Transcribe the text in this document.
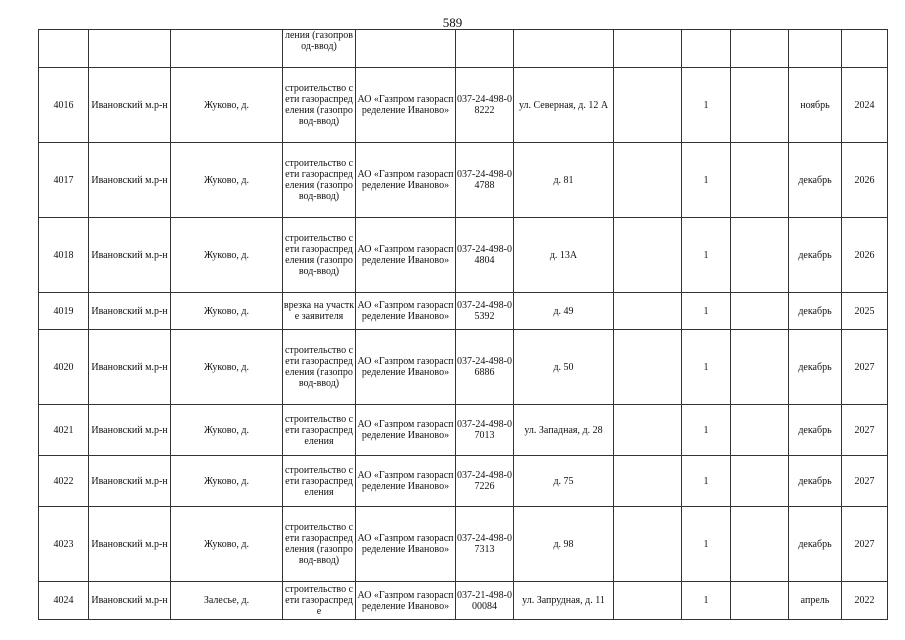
589
			ления (газопровод-ввод)								
4016	Ивановский м.р-н	Жуково, д.	строительство сети газораспределения (газопровод-ввод)	АО «Газпром газораспределение Иваново»	037-24-498-08222	ул. Северная, д. 12 А		1		ноябрь	2024
4017	Ивановский м.р-н	Жуково, д.	строительство сети газораспределения (газопровод-ввод)	АО «Газпром газораспределение Иваново»	037-24-498-04788	д. 81		1		декабрь	2026
4018	Ивановский м.р-н	Жуково, д.	строительство сети газораспределения (газопровод-ввод)	АО «Газпром газораспределение Иваново»	037-24-498-04804	д. 13А		1		декабрь	2026
4019	Ивановский м.р-н	Жуково, д.	врезка на участке заявителя	АО «Газпром газораспределение Иваново»	037-24-498-05392	д. 49		1		декабрь	2025
4020	Ивановский м.р-н	Жуково, д.	строительство сети газораспределения (газопровод-ввод)	АО «Газпром газораспределение Иваново»	037-24-498-06886	д. 50		1		декабрь	2027
4021	Ивановский м.р-н	Жуково, д.	строительство сети газораспределения	АО «Газпром газораспределение Иваново»	037-24-498-07013	ул. Западная, д. 28		1		декабрь	2027
4022	Ивановский м.р-н	Жуково, д.	строительство сети газораспределения	АО «Газпром газораспределение Иваново»	037-24-498-07226	д. 75		1		декабрь	2027
4023	Ивановский м.р-н	Жуково, д.	строительство сети газораспределения (газопровод-ввод)	АО «Газпром газораспределение Иваново»	037-24-498-07313	д. 98		1		декабрь	2027
4024	Ивановский м.р-н	Залесье, д.	строительство сети газораспреде	АО «Газпром газораспределение Иваново»	037-21-498-000084	ул. Запрудная, д. 11		1		апрель	2022
